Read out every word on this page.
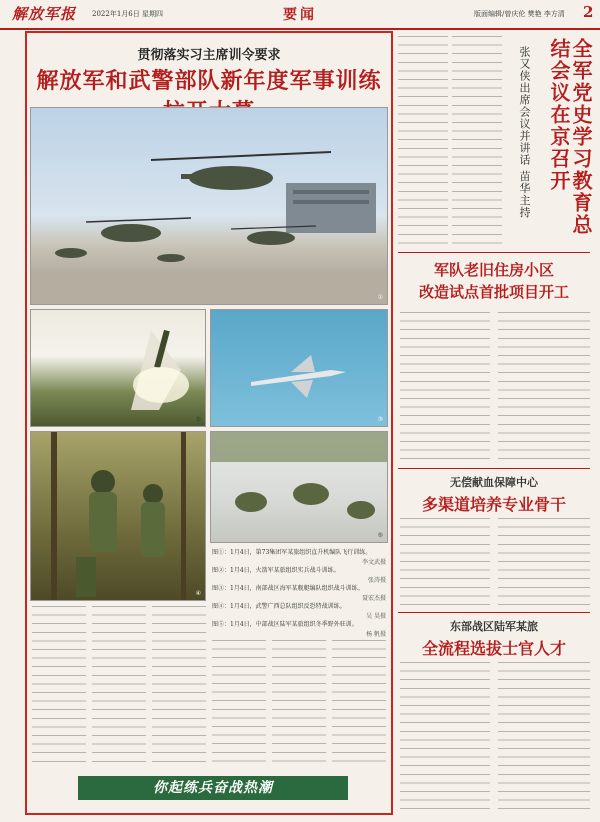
解放军报 2022年1月6日 星期四	要闻	版面编辑/曾庆伦 樊艳 李方清 2
贯彻落实习主席训令要求
解放军和武警部队新年度军事训练
①
②	③
④
⑤
图①：1月4日，第73集团军某旅组织直升机编队飞行训练。
李文武摄
图②：1月4日，火箭军某旅组织实兵战斗训练。
张涛摄
图③：1月4日，南部战区海军某舰艇编队组织战斗训练。
聂宏杰摄
图④：1月4日，武警广西总队组织反恐特战训练。
吴 昊摄
图⑤：1月4日，中部战区陆军某旅组织冬季野外驻训。
杨 帆摄
你起练兵奋战热潮
全军党史学习教育总结会议在京召开
张又侠出席会议并讲话 苗华主持
军队老旧住房小区
改造试点首批项目开工
无偿献血保障中心
多渠道培养专业骨干
东部战区陆军某旅
全流程选拔士官人才
